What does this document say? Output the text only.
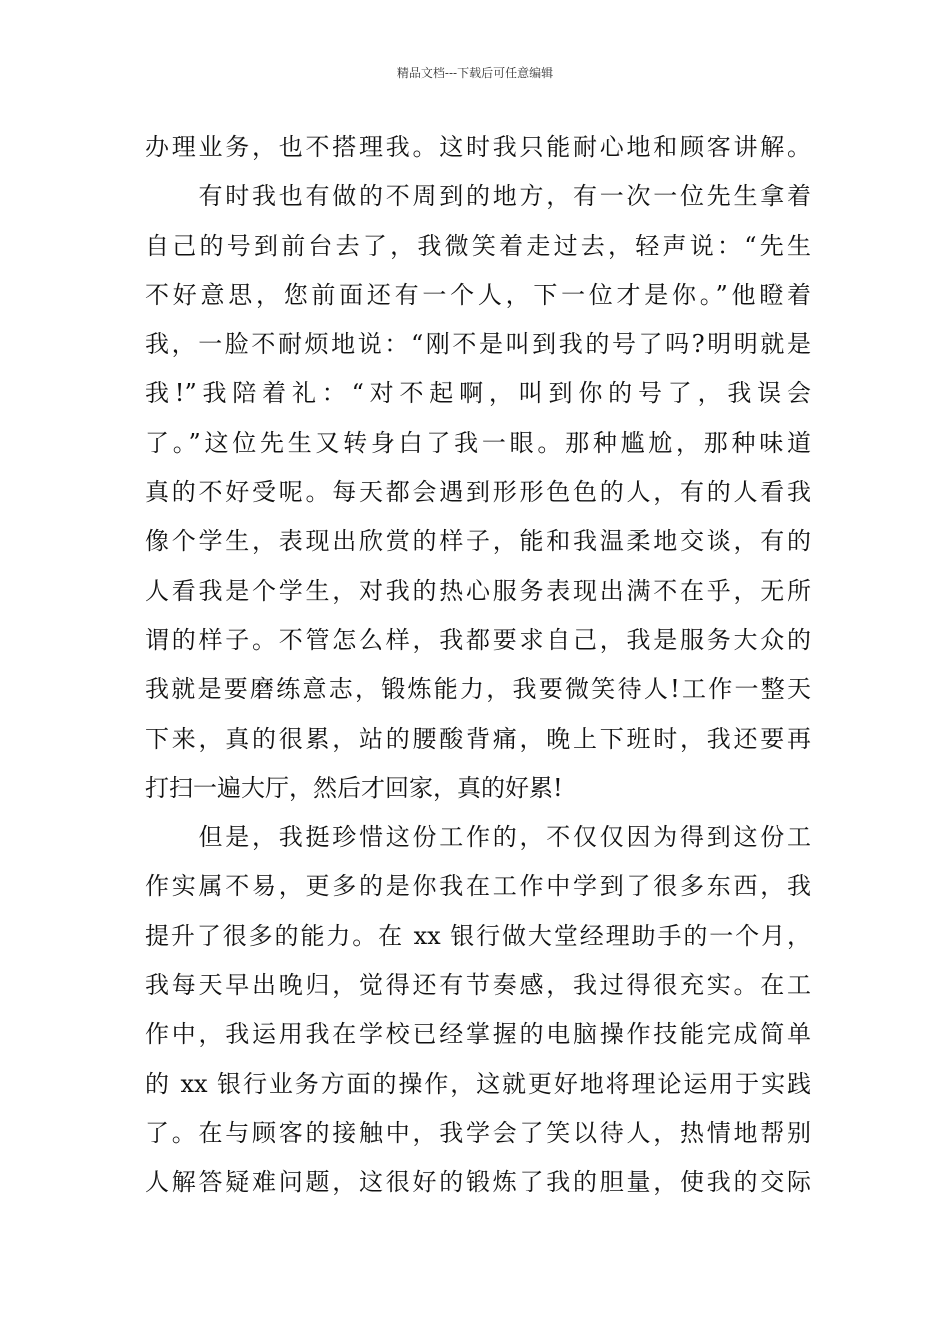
精品文档---下载后可任意编辑
办理业务，也不搭理我。这时我只能耐心地和顾客讲解。
　　有时我也有做的不周到的地方，有一次一位先生拿着
自己的号到前台去了，我微笑着走过去，轻声说：“先生
不好意思，您前面还有一个人，下一位才是你。”他瞪着
我，一脸不耐烦地说：“刚不是叫到我的号了吗?明明就是
我!”我陪着礼：“对不起啊，叫到你的号了，我误会
了。”这位先生又转身白了我一眼。那种尴尬，那种味道
真的不好受呢。每天都会遇到形形色色的人，有的人看我
像个学生，表现出欣赏的样子，能和我温柔地交谈，有的
人看我是个学生，对我的热心服务表现出满不在乎，无所
谓的样子。不管怎么样，我都要求自己，我是服务大众的
我就是要磨练意志，锻炼能力，我要微笑待人!工作一整天
下来，真的很累，站的腰酸背痛，晚上下班时，我还要再
打扫一遍大厅，然后才回家，真的好累!
　　但是，我挺珍惜这份工作的，不仅仅因为得到这份工
作实属不易，更多的是你我在工作中学到了很多东西，我
提升了很多的能力。在 xx 银行做大堂经理助手的一个月，
我每天早出晚归，觉得还有节奏感，我过得很充实。在工
作中，我运用我在学校已经掌握的电脑操作技能完成简单
的 xx 银行业务方面的操作，这就更好地将理论运用于实践
了。在与顾客的接触中，我学会了笑以待人，热情地帮别
人解答疑难问题，这很好的锻炼了我的胆量，使我的交际
